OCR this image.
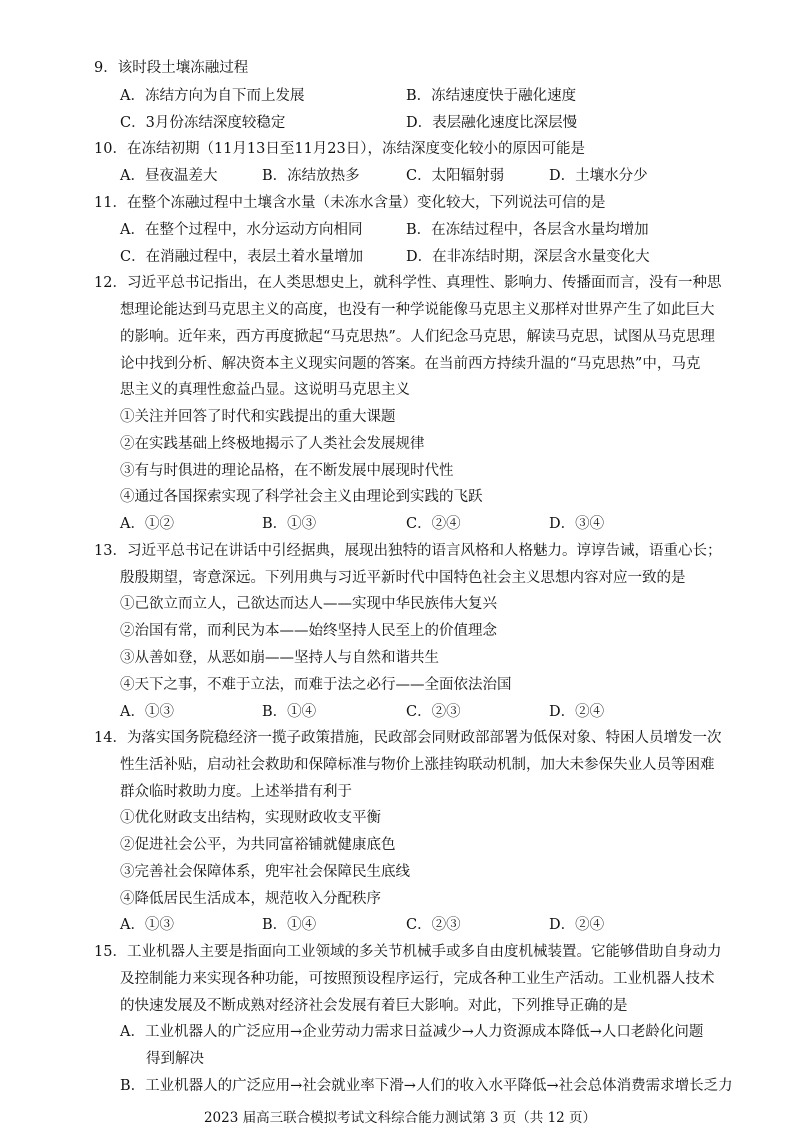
9．该时段土壤冻融过程
A．冻结方向为自下而上发展	B．冻结速度快于融化速度
C．3月份冻结深度较稳定	D．表层融化速度比深层慢
10．在冻结初期（11月13日至11月23日），冻结深度变化较小的原因可能是
A．昼夜温差大	B．冻结放热多	C．太阳辐射弱	D．土壤水分少
11．在整个冻融过程中土壤含水量（未冻水含量）变化较大，下列说法可信的是
A．在整个过程中，水分运动方向相同	B．在冻结过程中，各层含水量均增加
C．在消融过程中，表层土着水量增加	D．在非冻结时期，深层含水量变化大
12．习近平总书记指出，在人类思想史上，就科学性、真理性、影响力、传播面而言，没有一种思
想理论能达到马克思主义的高度，也没有一种学说能像马克思主义那样对世界产生了如此巨大
的影响。近年来，西方再度掀起“马克思热”。人们纪念马克思，解读马克思，试图从马克思理
论中找到分析、解决资本主义现实问题的答案。在当前西方持续升温的“马克思热”中，马克
思主义的真理性愈益凸显。这说明马克思主义
①关注并回答了时代和实践提出的重大课题
②在实践基础上终极地揭示了人类社会发展规律
③有与时俱进的理论品格，在不断发展中展现时代性
④通过各国探索实现了科学社会主义由理论到实践的飞跃
A．①②	B．①③	C．②④	D．③④
13．习近平总书记在讲话中引经据典，展现出独特的语言风格和人格魅力。谆谆告诫，语重心长；
殷殷期望，寄意深远。下列用典与习近平新时代中国特色社会主义思想内容对应一致的是
①己欲立而立人，己欲达而达人——实现中华民族伟大复兴
②治国有常，而利民为本——始终坚持人民至上的价值理念
③从善如登，从恶如崩——坚持人与自然和谐共生
④天下之事，不难于立法，而难于法之必行——全面依法治国
A．①③	B．①④	C．②③	D．②④
14．为落实国务院稳经济一揽子政策措施，民政部会同财政部部署为低保对象、特困人员增发一次
性生活补贴，启动社会救助和保障标准与物价上涨挂钩联动机制，加大未参保失业人员等困难
群众临时救助力度。上述举措有利于
①优化财政支出结构，实现财政收支平衡
②促进社会公平，为共同富裕铺就健康底色
③完善社会保障体系，兜牢社会保障民生底线
④降低居民生活成本，规范收入分配秩序
A．①③	B．①④	C．②③	D．②④
15．工业机器人主要是指面向工业领域的多关节机械手或多自由度机械装置。它能够借助自身动力
及控制能力来实现各种功能，可按照预设程序运行，完成各种工业生产活动。工业机器人技术
的快速发展及不断成熟对经济社会发展有着巨大影响。对此，下列推导正确的是
A．工业机器人的广泛应用→企业劳动力需求日益减少→人力资源成本降低→人口老龄化问题
得到解决
B．工业机器人的广泛应用→社会就业率下滑→人们的收入水平降低→社会总体消费需求增长乏力
2023 届高三联合模拟考试文科综合能力测试第 3 页（共 12 页）
